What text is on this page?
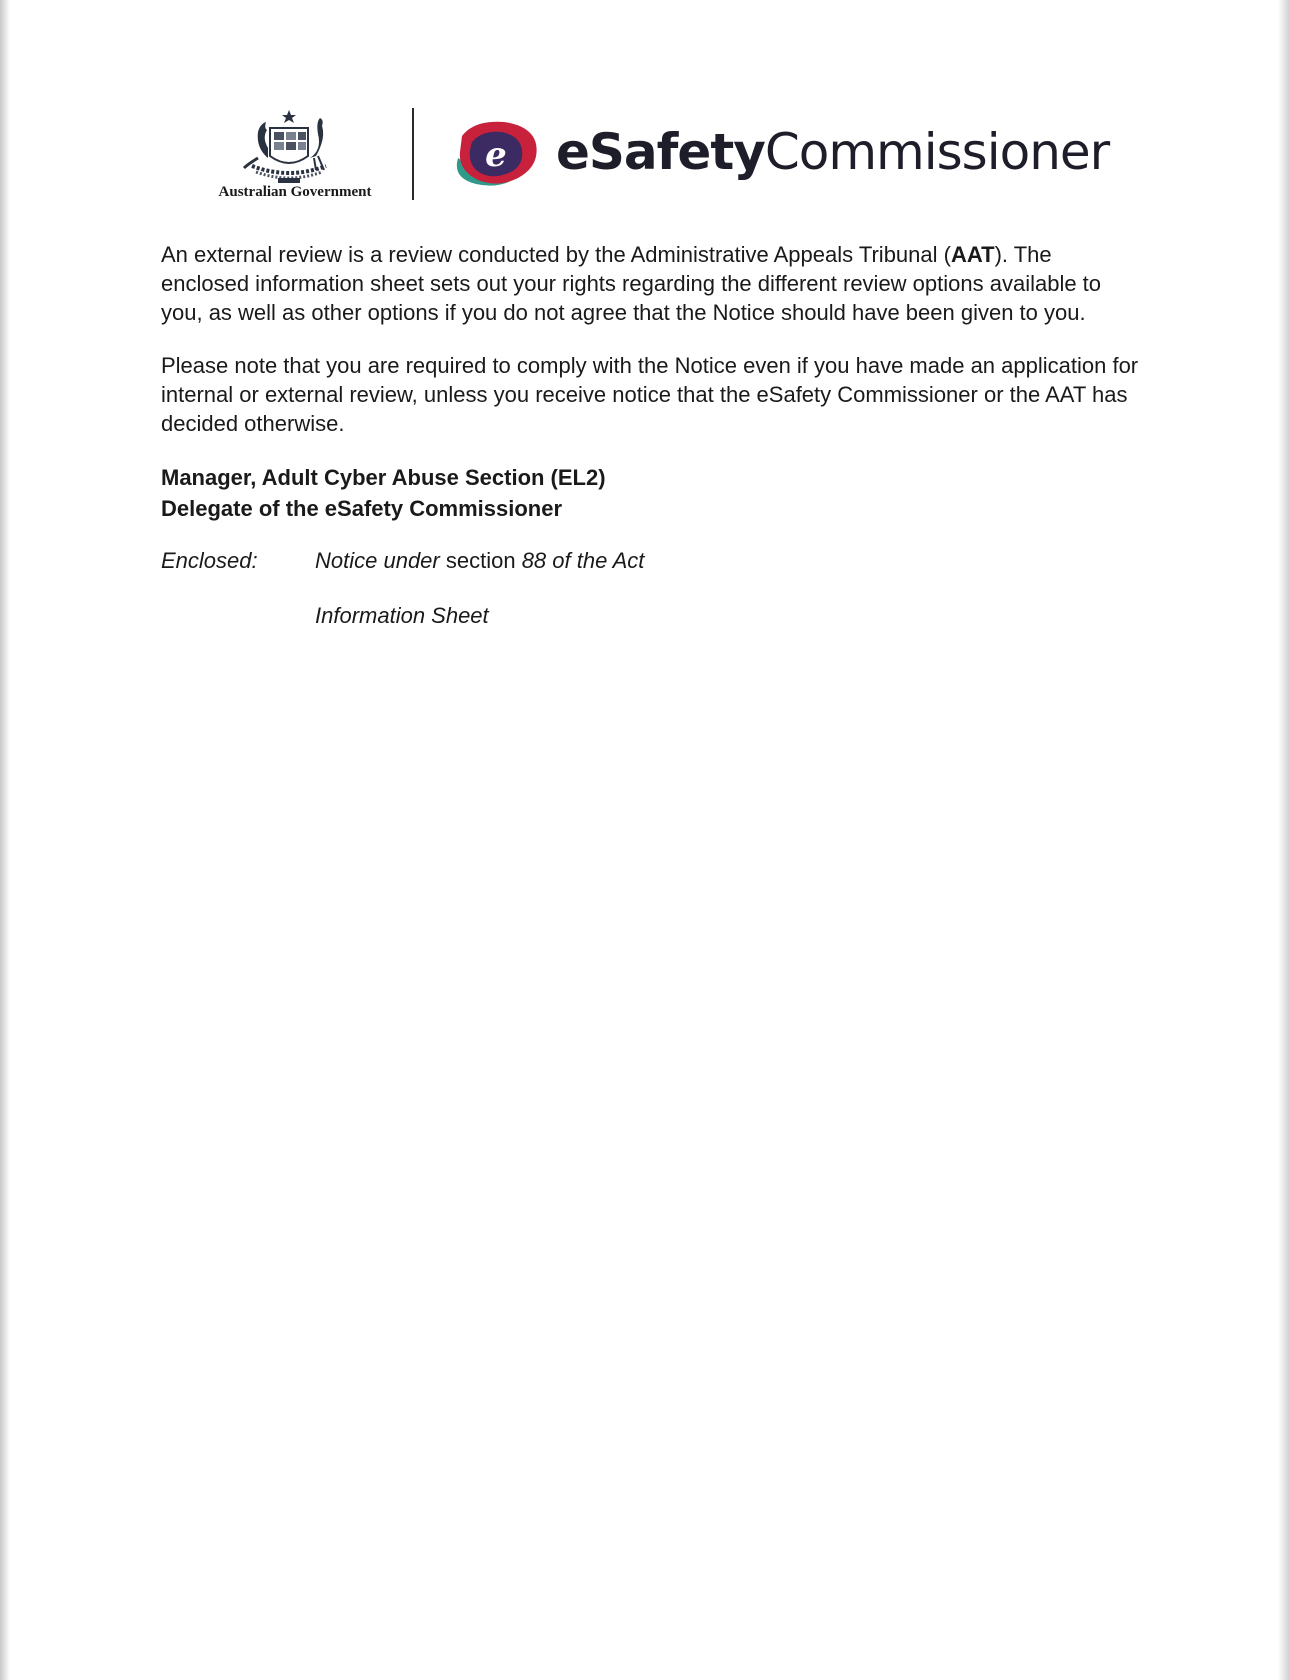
Australian Government
e eSafetyCommissioner

An external review is a review conducted by the Administrative Appeals Tribunal (AAT). The enclosed information sheet sets out your rights regarding the different review options available to you, as well as other options if you do not agree that the Notice should have been given to you.

Please note that you are required to comply with the Notice even if you have made an application for internal or external review, unless you receive notice that the eSafety Commissioner or the AAT has decided otherwise.

Manager, Adult Cyber Abuse Section (EL2)

Delegate of the eSafety Commissioner

Enclosed:	Notice under section 88 of the Act
Information Sheet
